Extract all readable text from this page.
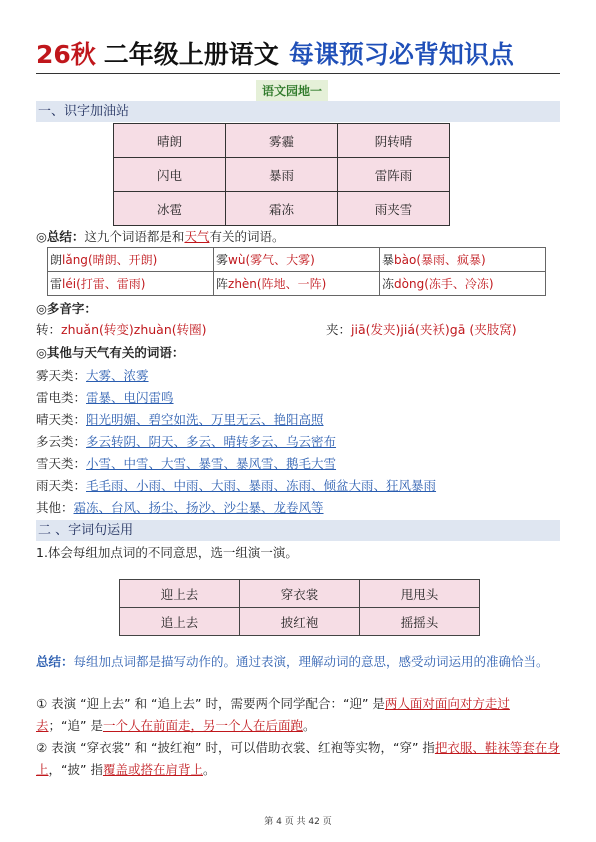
26秋 二年级上册语文 每课预习必背知识点
语文园地一
一、识字加油站
晴朗	雾霾	阴转晴
闪电	暴雨	雷阵雨
冰雹	霜冻	雨夹雪
◎总结：这九个词语都是和天气有关的词语。
朗lǎng(晴朗、开朗)	雾wù(雾气、大雾)	暴bào(暴雨、疯暴)
雷léi(打雷、雷雨)	阵zhèn(阵地、一阵)	冻dòng(冻手、冷冻)
◎多音字：
转：zhuǎn(转变)zhuàn(转圈)	夹：jiā(发夹)jiá(夹袄)gā (夹肢窝)
◎其他与天气有关的词语：
雾天类：大雾、浓雾
雷电类：雷暴、电闪雷鸣
晴天类：阳光明媚、碧空如洗、万里无云、艳阳高照
多云类：多云转阴、阴天、多云、晴转多云、乌云密布
雪天类：小雪、中雪、大雪、暴雪、暴风雪、鹅毛大雪
雨天类：毛毛雨、小雨、中雨、大雨、暴雨、冻雨、倾盆大雨、狂风暴雨
其他：霜冻、台风、扬尘、扬沙、沙尘暴、龙卷风等
二 、字词句运用
1.体会每组加点词的不同意思，选一组演一演。
迎上去	穿衣裳	甩甩头
追上去	披红袍	摇摇头
总结：每组加点词都是描写动作的。通过表演，理解动词的意思，感受动词运用的准确恰当。
① 表演 “迎上去” 和 “追上去” 时，需要两个同学配合：“迎” 是两人面对面向对方走过去；“追” 是一个人在前面走，另一个人在后面跑。
② 表演 “穿衣裳” 和 “披红袍” 时，可以借助衣裳、红袍等实物，“穿” 指把衣服、鞋袜等套在身上，“披” 指覆盖或搭在肩背上。
第 4 页 共 42 页
